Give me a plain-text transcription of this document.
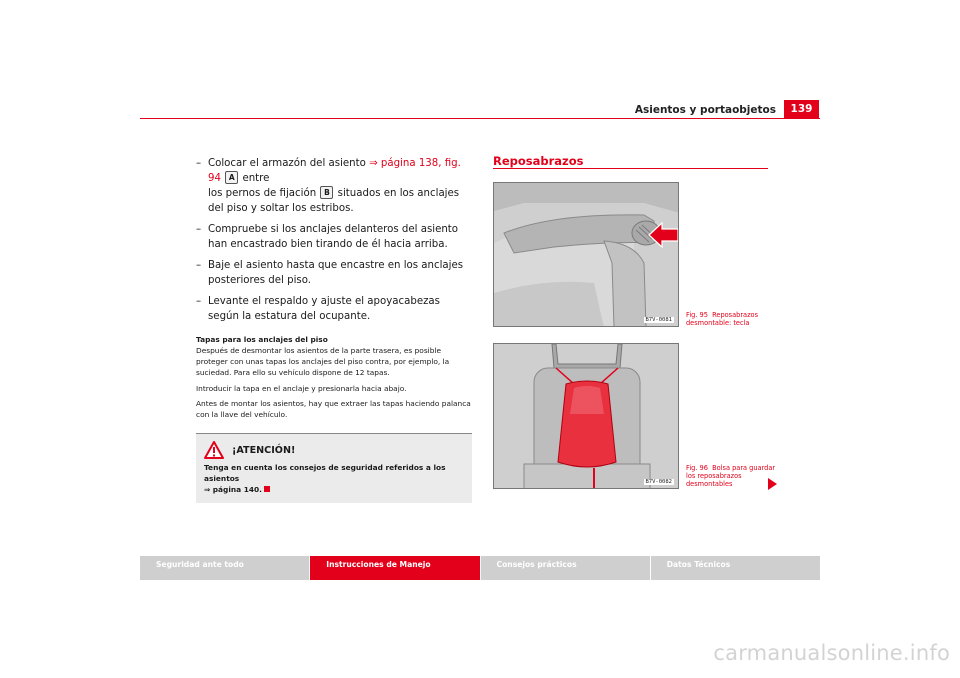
Asientos y portaobjetos	139
– Colocar el armazón del asiento ⇒ página 138, fig. 94 A entre
los pernos de fijación B situados en los anclajes del piso y soltar los estribos.
– Compruebe si los anclajes delanteros del asiento han encastrado bien tirando de él hacia arriba.
– Baje el asiento hasta que encastre en los anclajes posteriores del piso.
– Levante el respaldo y ajuste el apoyacabezas según la estatura del ocupante.
Tapas para los anclajes del piso
Después de desmontar los asientos de la parte trasera, es posible proteger con unas tapas los anclajes del piso contra, por ejemplo, la suciedad. Para ello su vehículo dispone de 12 tapas.
Introducir la tapa en el anclaje y presionarla hacia abajo.
Antes de montar los asientos, hay que extraer las tapas haciendo palanca con la llave del vehículo.
¡ATENCIÓN!
Tenga en cuenta los consejos de seguridad referidos a los asientos
⇒ página 140.
Reposabrazos
B7V-0081
B7V-0082
Fig. 95 Reposabrazos desmontable: tecla
Fig. 96 Bolsa para guardar los reposabrazos desmontables
Seguridad ante todo	Instrucciones de Manejo	Consejos prácticos	Datos Técnicos
carmanualsonline.info
